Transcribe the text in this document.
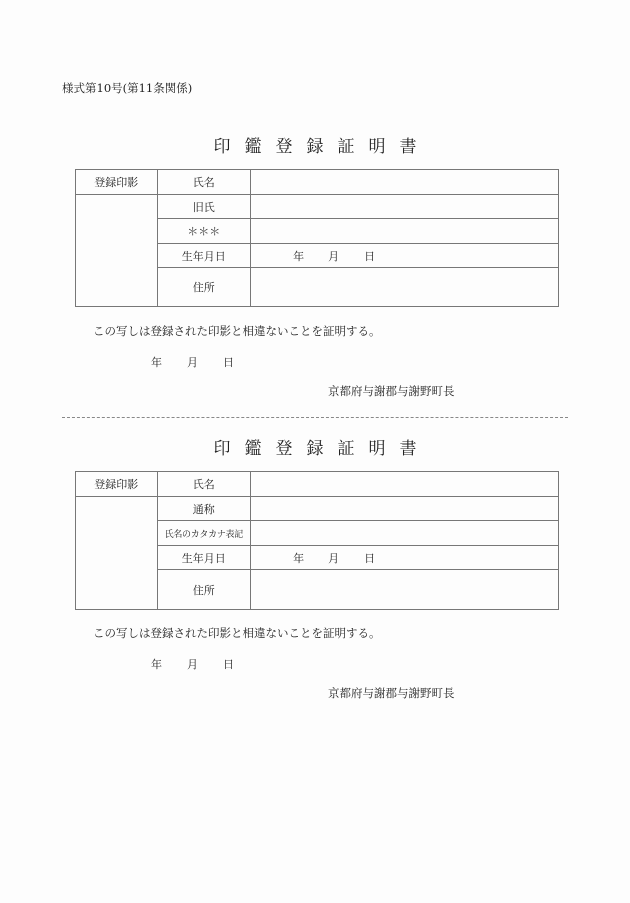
様式第10号(第11条関係)
印鑑登録証明書
登録印影	氏名	
	旧氏	
	＊＊＊	
	生年月日	年 月 日
	住所	
この写しは登録された印影と相違ないことを証明する。
年 月 日
京都府与謝郡与謝野町長
印鑑登録証明書
登録印影	氏名	
	通称	
	氏名のカタカナ表記	
	生年月日	年 月 日
	住所	
この写しは登録された印影と相違ないことを証明する。
年 月 日
京都府与謝郡与謝野町長
